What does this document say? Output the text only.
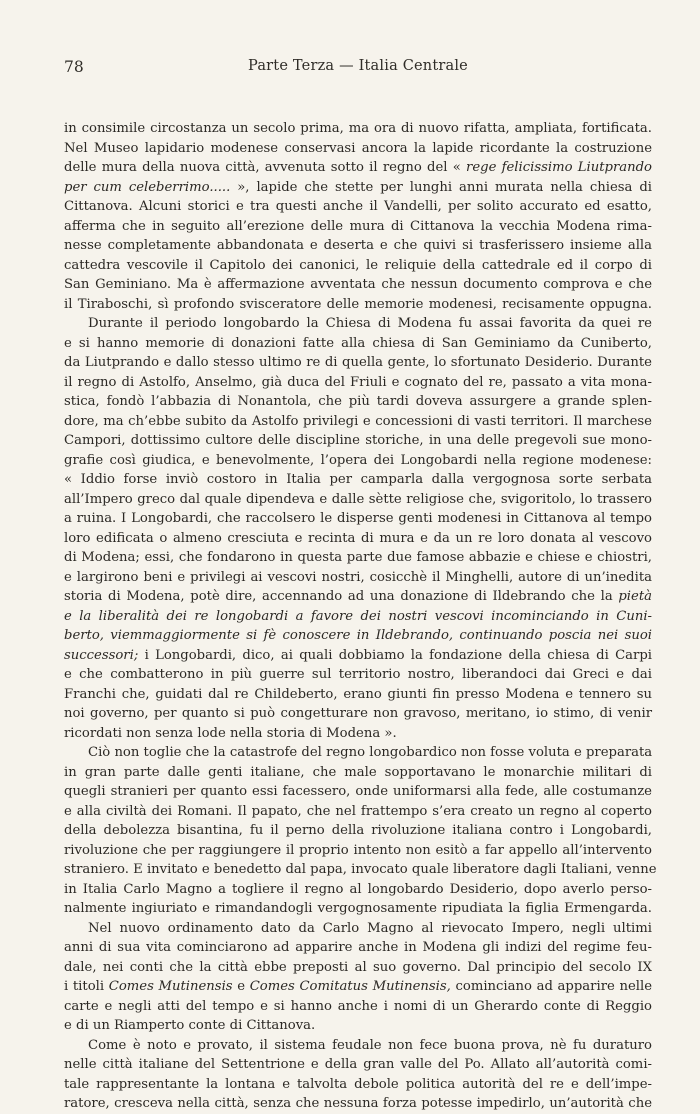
78	Parte Terza — Italia Centrale
in consimile circostanza un secolo prima, ma ora di nuovo rifatta, ampliata, fortificata.
Nel Museo lapidario modenese conservasi ancora la lapide ricordante la costruzione
delle mura della nuova città, avvenuta sotto il regno del « rege felicissimo Liutprando
per cum celeberrimo..... », lapide che stette per lunghi anni murata nella chiesa di
Cittanova. Alcuni storici e tra questi anche il Vandelli, per solito accurato ed esatto,
afferma che in seguito all’erezione delle mura di Cittanova la vecchia Modena rima-
nesse completamente abbandonata e deserta e che quivi si trasferissero insieme alla
cattedra vescovile il Capitolo dei canonici, le reliquie della cattedrale ed il corpo di
San Geminiano. Ma è affermazione avventata che nessun documento comprova e che
il Tiraboschi, sì profondo svisceratore delle memorie modenesi, recisamente oppugna.
Durante il periodo longobardo la Chiesa di Modena fu assai favorita da quei re
e si hanno memorie di donazioni fatte alla chiesa di San Geminiamo da Cuniberto,
da Liutprando e dallo stesso ultimo re di quella gente, lo sfortunato Desiderio. Durante
il regno di Astolfo, Anselmo, già duca del Friuli e cognato del re, passato a vita mona-
stica, fondò l’abbazia di Nonantola, che più tardi doveva assurgere a grande splen-
dore, ma ch’ebbe subito da Astolfo privilegi e concessioni di vasti territori. Il marchese
Campori, dottissimo cultore delle discipline storiche, in una delle pregevoli sue mono-
grafie così giudica, e benevolmente, l’opera dei Longobardi nella regione modenese:
« Iddio forse inviò costoro in Italia per camparla dalla vergognosa sorte serbata
all’Impero greco dal quale dipendeva e dalle sètte religiose che, svigoritolo, lo trassero
a ruina. I Longobardi, che raccolsero le disperse genti modenesi in Cittanova al tempo
loro edificata o almeno cresciuta e recinta di mura e da un re loro donata al vescovo
di Modena; essi, che fondarono in questa parte due famose abbazie e chiese e chiostri,
e largirono beni e privilegi ai vescovi nostri, cosicchè il Minghelli, autore di un’inedita
storia di Modena, potè dire, accennando ad una donazione di Ildebrando che la pietà
e la liberalità dei re longobardi a favore dei nostri vescovi incominciando in Cuni-
berto, viemmaggiormente si fè conoscere in Ildebrando, continuando poscia nei suoi
successori; i Longobardi, dico, ai quali dobbiamo la fondazione della chiesa di Carpi
e che combatterono in più guerre sul territorio nostro, liberandoci dai Greci e dai
Franchi che, guidati dal re Childeberto, erano giunti fin presso Modena e tennero su
noi governo, per quanto si può congetturare non gravoso, meritano, io stimo, di venir
ricordati non senza lode nella storia di Modena ».
Ciò non toglie che la catastrofe del regno longobardico non fosse voluta e preparata
in gran parte dalle genti italiane, che male sopportavano le monarchie militari di
quegli stranieri per quanto essi facessero, onde uniformarsi alla fede, alle costumanze
e alla civiltà dei Romani. Il papato, che nel frattempo s’era creato un regno al coperto
della debolezza bisantina, fu il perno della rivoluzione italiana contro i Longobardi,
rivoluzione che per raggiungere il proprio intento non esitò a far appello all’intervento
straniero. E invitato e benedetto dal papa, invocato quale liberatore dagli Italiani, venne
in Italia Carlo Magno a togliere il regno al longobardo Desiderio, dopo averlo perso-
nalmente ingiuriato e rimandandogli vergognosamente ripudiata la figlia Ermengarda.
Nel nuovo ordinamento dato da Carlo Magno al rievocato Impero, negli ultimi
anni di sua vita cominciarono ad apparire anche in Modena gli indizi del regime feu-
dale, nei conti che la città ebbe preposti al suo governo. Dal principio del secolo IX
i titoli Comes Mutinensis e Comes Comitatus Mutinensis, cominciano ad apparire nelle
carte e negli atti del tempo e si hanno anche i nomi di un Gherardo conte di Reggio
e di un Riamperto conte di Cittanova.
Come è noto e provato, il sistema feudale non fece buona prova, nè fu duraturo
nelle città italiane del Settentrione e della gran valle del Po. Allato all’autorità comi-
tale rappresentante la lontana e talvolta debole politica autorità del re e dell’impe-
ratore, cresceva nella città, senza che nessuna forza potesse impedirlo, un’autorità che
